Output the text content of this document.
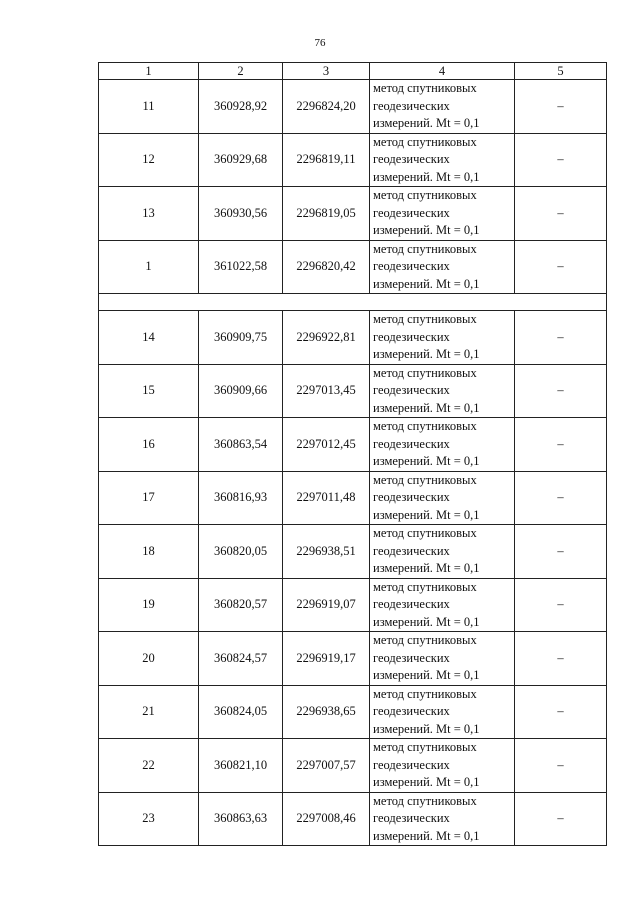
76
1	2	3	4	5
11	360928,92	2296824,20	метод спутниковых
геодезических
измерений. Mt = 0,1	–
12	360929,68	2296819,11	метод спутниковых
геодезических
измерений. Mt = 0,1	–
13	360930,56	2296819,05	метод спутниковых
геодезических
измерений. Mt = 0,1	–
1	361022,58	2296820,42	метод спутниковых
геодезических
измерений. Mt = 0,1	–

14	360909,75	2296922,81	метод спутниковых
геодезических
измерений. Mt = 0,1	–
15	360909,66	2297013,45	метод спутниковых
геодезических
измерений. Mt = 0,1	–
16	360863,54	2297012,45	метод спутниковых
геодезических
измерений. Mt = 0,1	–
17	360816,93	2297011,48	метод спутниковых
геодезических
измерений. Mt = 0,1	–
18	360820,05	2296938,51	метод спутниковых
геодезических
измерений. Mt = 0,1	–
19	360820,57	2296919,07	метод спутниковых
геодезических
измерений. Mt = 0,1	–
20	360824,57	2296919,17	метод спутниковых
геодезических
измерений. Mt = 0,1	–
21	360824,05	2296938,65	метод спутниковых
геодезических
измерений. Mt = 0,1	–
22	360821,10	2297007,57	метод спутниковых
геодезических
измерений. Mt = 0,1	–
23	360863,63	2297008,46	метод спутниковых
геодезических
измерений. Mt = 0,1	–
